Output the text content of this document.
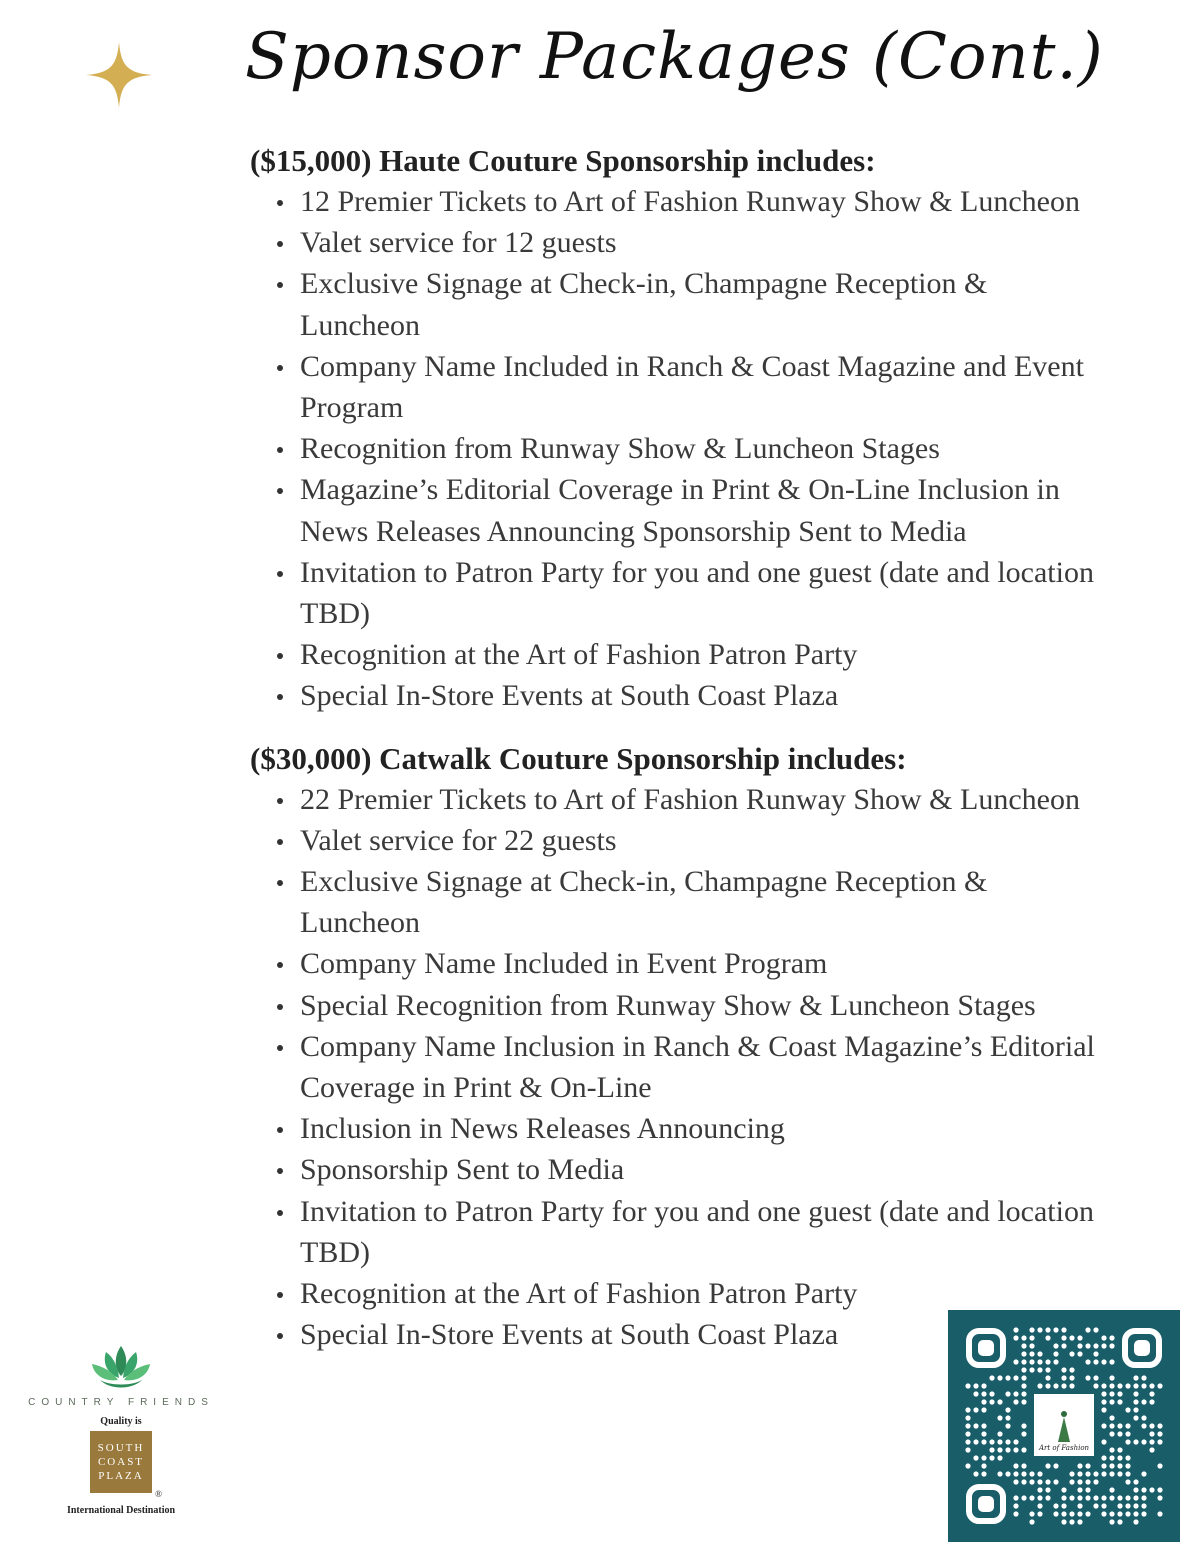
Sponsor Packages (Cont.)

($15,000) Haute Couture Sponsorship includes:

12 Premier Tickets to Art of Fashion Runway Show & Luncheon
Valet service for 12 guests
Exclusive Signage at Check-in, Champagne Reception & Luncheon
Company Name Included in Ranch & Coast Magazine and Event Program
Recognition from Runway Show & Luncheon Stages
Magazine’s Editorial Coverage in Print & On-Line Inclusion in News Releases Announcing Sponsorship Sent to Media
Invitation to Patron Party for you and one guest (date and location TBD)
Recognition at the Art of Fashion Patron Party
Special In-Store Events at South Coast Plaza

($30,000) Catwalk Couture Sponsorship includes:

22 Premier Tickets to Art of Fashion Runway Show & Luncheon
Valet service for 22 guests
Exclusive Signage at Check-in, Champagne Reception & Luncheon
Company Name Included in Event Program
Special Recognition from Runway Show & Luncheon Stages
Company Name Inclusion in Ranch & Coast Magazine’s Editorial Coverage in Print & On-Line
Inclusion in News Releases Announcing
Sponsorship Sent to Media
Invitation to Patron Party for you and one guest (date and location TBD)
Recognition at the Art of Fashion Patron Party
Special In-Store Events at South Coast Plaza
COUNTRY FRIENDS
Quality is
SOUTH
COAST
PLAZA
®
International Destination
Art of Fashion
